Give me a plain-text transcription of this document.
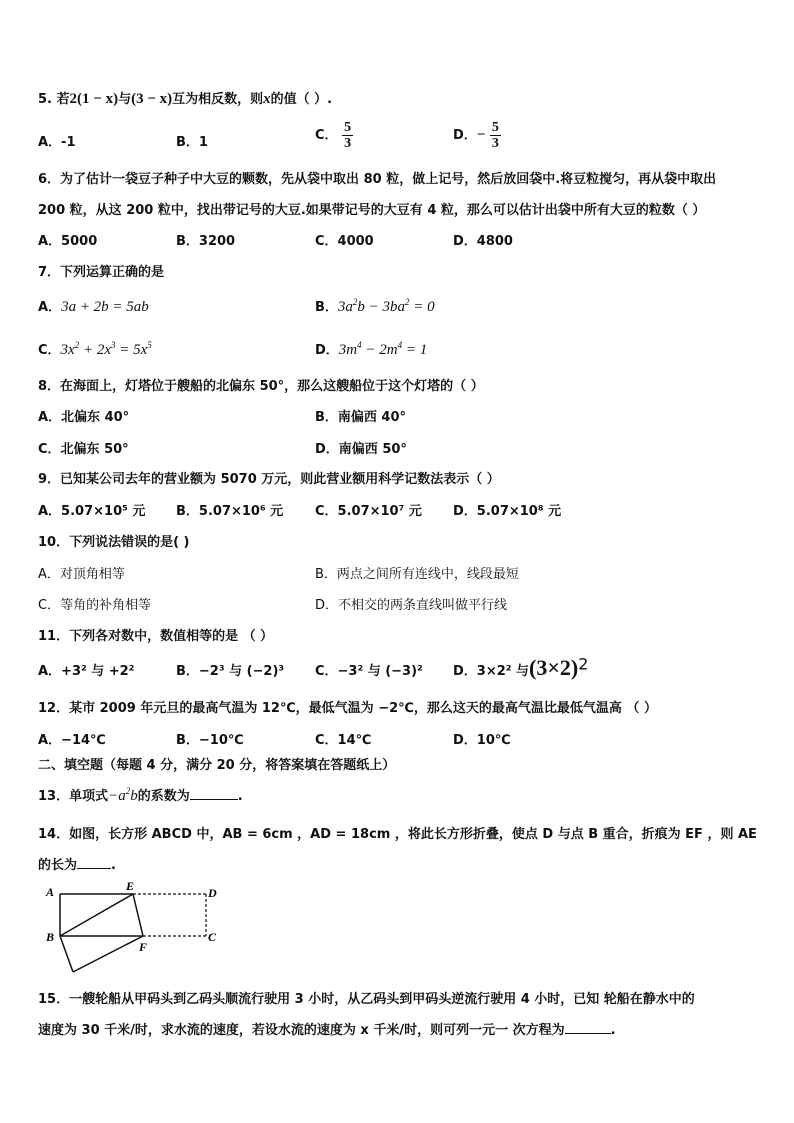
5. 若2(1 − x)与(3 − x)互为相反数，则x的值（ ）.
A．-1	B．1	C． $\frac{5}{3}$	D．− $\frac{5}{3}$
6．为了估计一袋豆子种子中大豆的颗数，先从袋中取出 80 粒，做上记号，然后放回袋中.将豆粒搅匀，再从袋中取出
200 粒，从这 200 粒中，找出带记号的大豆.如果带记号的大豆有 4 粒，那么可以估计出袋中所有大豆的粒数（ ）
A．5000	B．3200	C．4000	D．4800
7．下列运算正确的是
A．3a + 2b = 5ab	B．$3a^2b - 3ba^2 = 0$
C．$3x^2 + 2x^3 = 5x^5$	D．$3m^4 - 2m^4 = 1$
8．在海面上，灯塔位于艘船的北偏东 50°，那么这艘船位于这个灯塔的（ ）
A．北偏东 40°	B．南偏西 40°
C．北偏东 50°	D．南偏西 50°
9．已知某公司去年的营业额为 5070 万元，则此营业额用科学记数法表示（ ）
A．5.07×10⁵ 元 B．5.07×10⁶ 元 C．5.07×10⁷ 元 D．5.07×10⁸ 元
10．下列说法错误的是( )
A．对顶角相等	B．两点之间所有连线中，线段最短
C．等角的补角相等	D．不相交的两条直线叫做平行线
11．下列各对数中，数值相等的是 （ ）
A．+3² 与 +2²	B．−2³ 与 (−2)³ C．−3² 与 (−3)² D．3×2² 与$(3\times 2)^2$
12．某市 2009 年元旦的最高气温为 12℃，最低气温为 −2℃，那么这天的最高气温比最低气温高 （ ）
A．−14℃	B．−10℃	C．14℃	D．10℃
二、填空题（每题 4 分，满分 20 分，将答案填在答题纸上）
13．单项式$-a^2b$的系数为	.
14．如图，长方形 ABCD 中，AB = 6cm ，AD = 18cm ，将此长方形折叠，使点 D 与点 B 重合，折痕为 EF ，则 AE
的长为	.
A
B
E	D
C
F
15．一艘轮船从甲码头到乙码头顺流行驶用 3 小时，从乙码头到甲码头逆流行驶用 4 小时，已知 轮船在静水中的
速度为 30 千米/时，求水流的速度，若设水流的速度为 x 千米/时，则可列一元一 次方程为	.
